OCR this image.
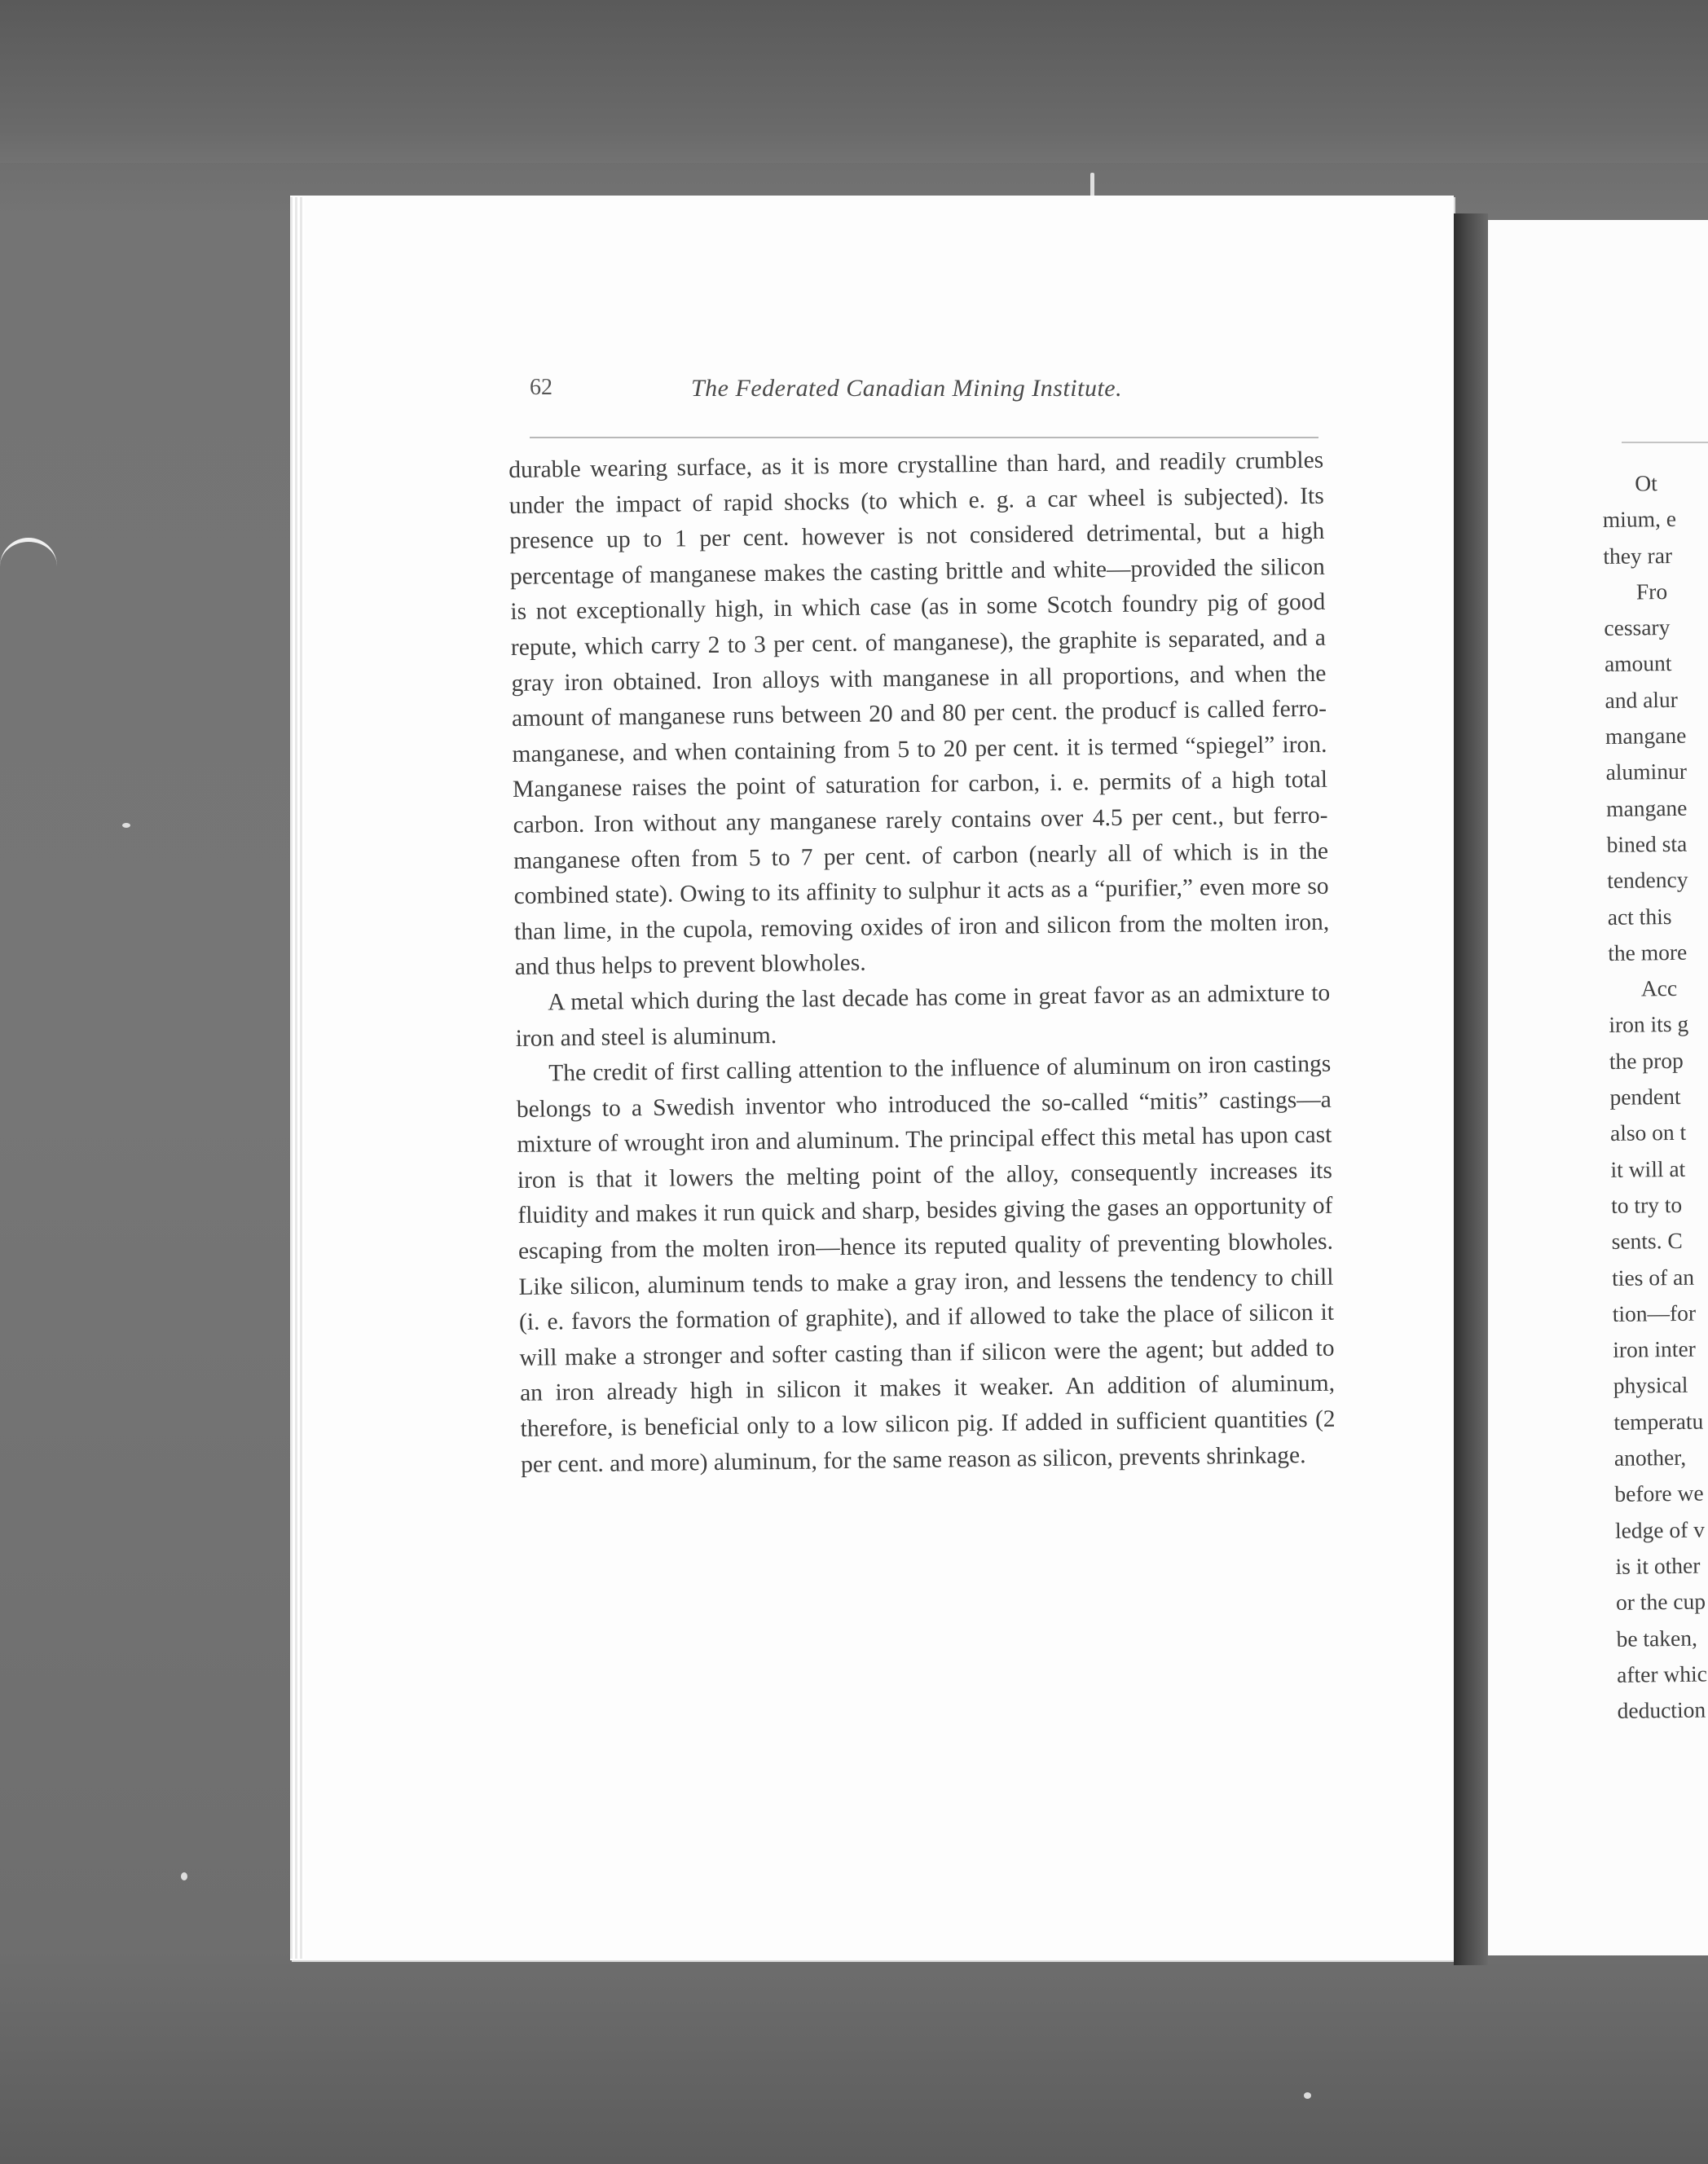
62	The Federated Canadian Mining Institute.

durable wearing surface, as it is more crystalline than hard, and readily crumbles under the impact of rapid shocks (to which e. g. a car wheel is subjected). Its presence up to 1 per cent. however is not considered detrimental, but a high percentage of manganese makes the casting brittle and white—provided the silicon is not exceptionally high, in which case (as in some Scotch foundry pig of good repute, which carry 2 to 3 per cent. of manganese), the graphite is separated, and a gray iron obtained. Iron alloys with manganese in all proportions, and when the amount of manganese runs between 20 and 80 per cent. the producf is called ferro-manganese, and when containing from 5 to 20 per cent. it is termed “spiegel” iron. Manganese raises the point of saturation for carbon, i. e. permits of a high total carbon. Iron without any manganese rarely contains over 4.5 per cent., but ferro-manganese often from 5 to 7 per cent. of carbon (nearly all of which is in the combined state). Owing to its affinity to sulphur it acts as a “purifier,” even more so than lime, in the cupola, removing oxides of iron and silicon from the molten iron, and thus helps to prevent blowholes.

A metal which during the last decade has come in great favor as an admixture to iron and steel is aluminum.

The credit of first calling attention to the influence of aluminum on iron castings belongs to a Swedish inventor who introduced the so-called “mitis” castings—a mixture of wrought iron and aluminum. The principal effect this metal has upon cast iron is that it lowers the melting point of the alloy, consequently increases its fluidity and makes it run quick and sharp, besides giving the gases an opportunity of escaping from the molten iron—hence its reputed quality of preventing blowholes. Like silicon, aluminum tends to make a gray iron, and lessens the tendency to chill (i. e. favors the formation of graphite), and if allowed to take the place of silicon it will make a stronger and softer casting than if silicon were the agent; but added to an iron already high in silicon it makes it weaker. An addition of aluminum, therefore, is beneficial only to a low silicon pig. If added in sufficient quantities (2 per cent. and more) aluminum, for the same reason as silicon, prevents shrinkage.

Ot
mium, e
they rar
Fro
cessary
amount
and alur
mangane
aluminur
mangane
bined sta
tendency
act this
the more
Acc
iron its g
the prop
pendent
also on t
it will at
to try to
sents. C
ties of an
tion—for
iron inter
physical
temperatu
another,
before we
ledge of v
is it other
or the cup
be taken,
after whic
deduction
